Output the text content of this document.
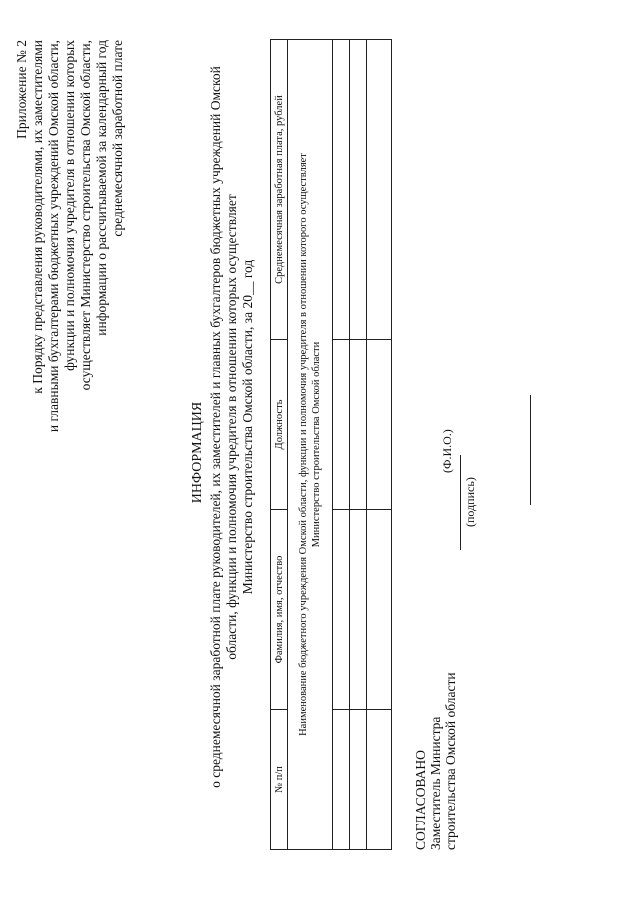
Приложение № 2 к Порядку представления руководителями, их заместителями и главными бухгалтерами бюджетных учреждений Омской области, функции и полномочия учредителя в отношении которых осуществляет Министерство строительства Омской области, информации о рассчитываемой за календарный год среднемесячной заработной плате
ИНФОРМАЦИЯ о среднемесячной заработной плате руководителей, их заместителей и главных бухгалтеров бюджетных учреждений Омской области, функции и полномочия учредителя в отношении которых осуществляет Министерство строительства Омской области, за 20__ год
№ п/п	Фамилия, имя, отчество	Должность	Среднемесячная заработная плата, рублей

Наименование бюджетного учреждения Омской области, функции и полномочия учредителя в отношении которого осуществляет Министерство строительства Омской области			

СОГЛАСОВАНО Заместитель Министра строительства Омской области
(подпись)
(Ф.И.О.)
